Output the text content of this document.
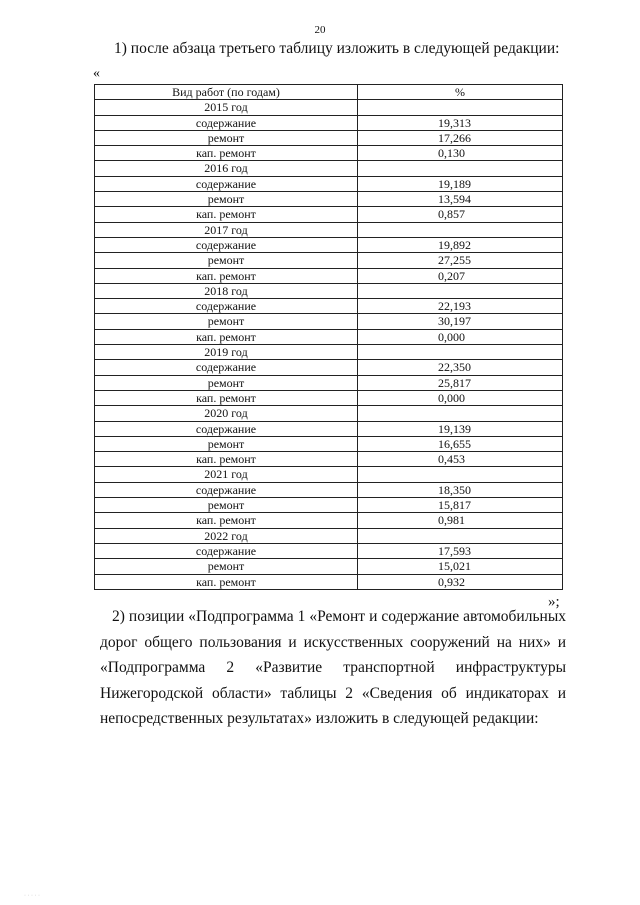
20
1) после абзаца третьего таблицу изложить в следующей редакции:
«
Вид работ (по годам)	%
2015 год	
содержание	19,313
ремонт	17,266
кап. ремонт	0,130
2016 год	
содержание	19,189
ремонт	13,594
кап. ремонт	0,857
2017 год	
содержание	19,892
ремонт	27,255
кап. ремонт	0,207
2018 год	
содержание	22,193
ремонт	30,197
кап. ремонт	0,000
2019 год	
содержание	22,350
ремонт	25,817
кап. ремонт	0,000
2020 год	
содержание	19,139
ремонт	16,655
кап. ремонт	0,453
2021 год	
содержание	18,350
ремонт	15,817
кап. ремонт	0,981
2022 год	
содержание	17,593
ремонт	15,021
кап. ремонт	0,932
»;
2) позиции «Подпрограмма 1 «Ремонт и содержание автомобильных дорог общего пользования и искусственных сооружений на них» и «Подпрограмма 2 «Развитие транспортной инфраструктуры Нижегородской области» таблицы 2 «Сведения об индикаторах и непосредственных результатах» изложить в следующей редакции:
· · · · ·
